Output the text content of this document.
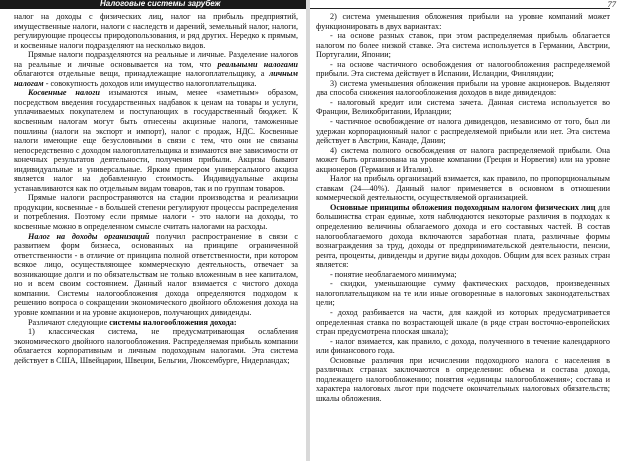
Налоговые системы зарубеж
налог на доходы с физических лиц, налог на прибыль предприятий, имущественные налоги, налоги с наследств и дарений, земельный налог, налоги, регулирующие процессы природопользования, и ряд других. Нередко к прямым, и косвенные налоги подразделяют на несколько видов.
Прямые налоги подразделяются на реальные и личные. Разделение налогов на реальные и личные основывается на том, что реальными налогами облагаются отдельные вещи, принадлежащие налогоплательщику, а личным налогам - совокупность доходов или имущество налогоплательщика.
Косвенные налоги изымаются иным, менее «заметным» образом, посредством введения государственных надбавок к ценам на товары и услуги, уплачиваемых покупателем и поступающих в государственный бюджет. К косвенным налогам могут быть отнесены акцизные налоги, таможенные пошлины (налоги на экспорт и импорт), налог с продаж, НДС. Косвенные налоги имеющие еще безусловными в связи с тем, что они не связаны непосредственно с доходом налогоплательщика и взимаются вне зависимости от конечных результатов деятельности, получения прибыли. Акцизы бывают индивидуальные и универсальные. Ярким примером универсального акциза является налог на добавленную стоимость. Индивидуальные акцизы устанавливаются как по отдельным видам товаров, так и по группам товаров.
Прямые налоги распространяются на стадии производства и реализации продукции, косвенные - в большей степени регулируют процессы распределения и потребления. Поэтому если прямые налоги - это налоги на доходы, то косвенные можно в определенном смысле считать налогами на расходы.
Налог на доходы организаций получил распространение в связи с развитием форм бизнеса, основанных на принципе ограниченной ответственности - в отличие от принципа полной ответственности, при котором всякое лицо, осуществляющее коммерческую деятельность, отвечает за возникающие долги и по обязательствам не только вложенным в нее капиталом, но и всем своим состоянием. Данный налог взимается с чистого дохода компании. Системы налогообложения дохода определяются подходом к решению вопроса о сокращении экономического двойного обложения дохода на уровне компании и на уровне акционеров, получающих дивиденды.
Различают следующие системы налогообложения дохода:
1) классическая система, не предусматривающая ослабления экономического двойного налогообложения. Распределяемая прибыль компании облагается корпоративным и личным подоходным налогами. Эта система действует в США, Швейцарии, Швеции, Бельгии, Люксембурге, Нидерландах;
77
2) система уменьшения обложения прибыли на уровне компаний может функционировать в двух вариантах:
- на основе разных ставок, при этом распределяемая прибыль облагается налогом по более низкой ставке. Эта система используется в Германии, Австрии, Португалии, Японии;
- на основе частичного освобождения от налогообложения распределяемой прибыли. Эта система действует в Испании, Исландии, Финляндии;
3) система уменьшения обложения прибыли на уровне акционеров. Выделяют два способа снижения налогообложения доходов в виде дивидендов:
- налоговый кредит или система зачета. Данная система используется во Франции, Великобритании, Ирландии;
- частичное освобождение от налога дивидендов, независимо от того, был ли удержан корпорационный налог с распределяемой прибыли или нет. Эта система действует в Австрии, Канаде, Дании;
4) система полного освобождения от налога распределяемой прибыли. Она может быть организована на уровне компании (Греция и Норвегия) или на уровне акционеров (Германия и Италия).
Налог на прибыль организаций взимается, как правило, по пропорциональным ставкам (24—40%). Данный налог применяется в основном в отношении коммерческой деятельности, осуществляемой организацией.
Основные принципы обложения подоходным налогом физических лиц для большинства стран единые, хотя наблюдаются некоторые различия в подходах к определению величины облагаемого дохода и его составных частей. В состав налогооблагаемого дохода включаются заработная плата, различные формы вознаграждения за труд, доходы от предпринимательской деятельности, пенсии, рента, проценты, дивиденды и другие виды доходов. Общим для всех разных стран является:
- понятие необлагаемого минимума;
- скидки, уменьшающие сумму фактических расходов, произведенных налогоплательщиком на те или иные оговоренные в налоговых законодательствах цели;
- доход разбивается на части, для каждой из которых предусматривается определенная ставка по возрастающей шкале (в ряде стран восточно-европейских стран предусмотрена плоская шкала);
- налог взимается, как правило, с дохода, полученного в течение календарного или финансового года.
Основные различия при исчислении подоходного налога с населения в различных странах заключаются в определении: объема и состава дохода, подлежащего налогообложению; понятия «единицы налогообложения»; состава и характера налоговых льгот при подсчете окончательных налоговых обязательств; шкалы обложения.
